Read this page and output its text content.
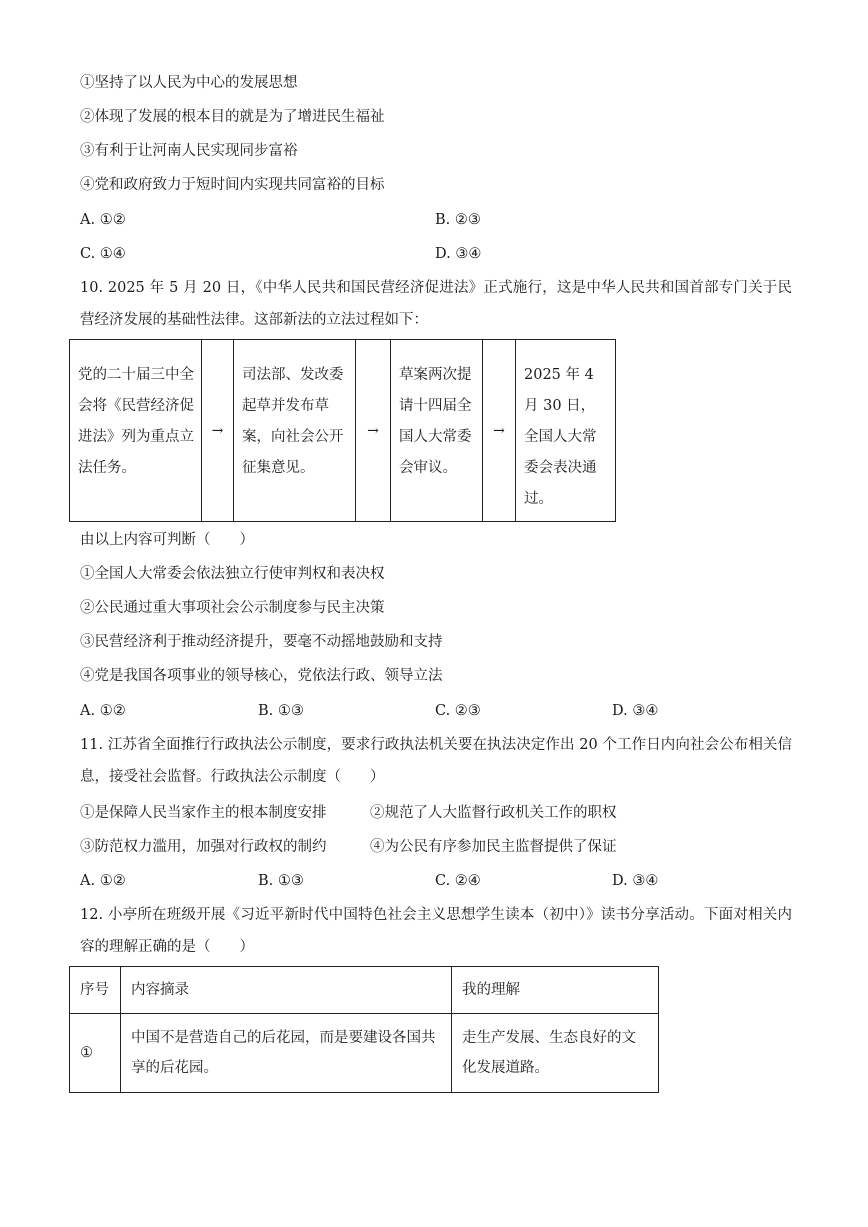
①坚持了以人民为中心的发展思想
②体现了发展的根本目的就是为了增进民生福祉
③有利于让河南人民实现同步富裕
④党和政府致力于短时间内实现共同富裕的目标
A. ①②	B. ②③
C. ①④	D. ③④
10. 2025 年 5 月 20 日，《中华人民共和国民营经济促进法》正式施行，这是中华人民共和国首部专门关于民营经济发展的基础性法律。这部新法的立法过程如下：
党的二十届三中全会将《民营经济促进法》列为重点立法任务。
→
司法部、发改委起草并发布草案，向社会公开征集意见。
→
草案两次提请十四届全国人大常委会审议。
→
2025 年 4 月 30 日，全国人大常委会表决通过。
由以上内容可判断（　　）
①全国人大常委会依法独立行使审判权和表决权
②公民通过重大事项社会公示制度参与民主决策
③民营经济利于推动经济提升，要毫不动摇地鼓励和支持
④党是我国各项事业的领导核心，党依法行政、领导立法
A. ①②	B. ①③	C. ②③	D. ③④
11. 江苏省全面推行行政执法公示制度，要求行政执法机关要在执法决定作出 20 个工作日内向社会公布相关信息，接受社会监督。行政执法公示制度（　　）
①是保障人民当家作主的根本制度安排	②规范了人大监督行政机关工作的职权
③防范权力滥用，加强对行政权的制约	④为公民有序参加民主监督提供了保证
A. ①②	B. ①③	C. ②④	D. ③④
12. 小亭所在班级开展《习近平新时代中国特色社会主义思想学生读本（初中）》读书分享活动。下面对相关内容的理解正确的是（　　）
序号	内容摘录	我的理解
①	中国不是营造自己的后花园，而是要建设各国共享的后花园。	走生产发展、生态良好的文化发展道路。
